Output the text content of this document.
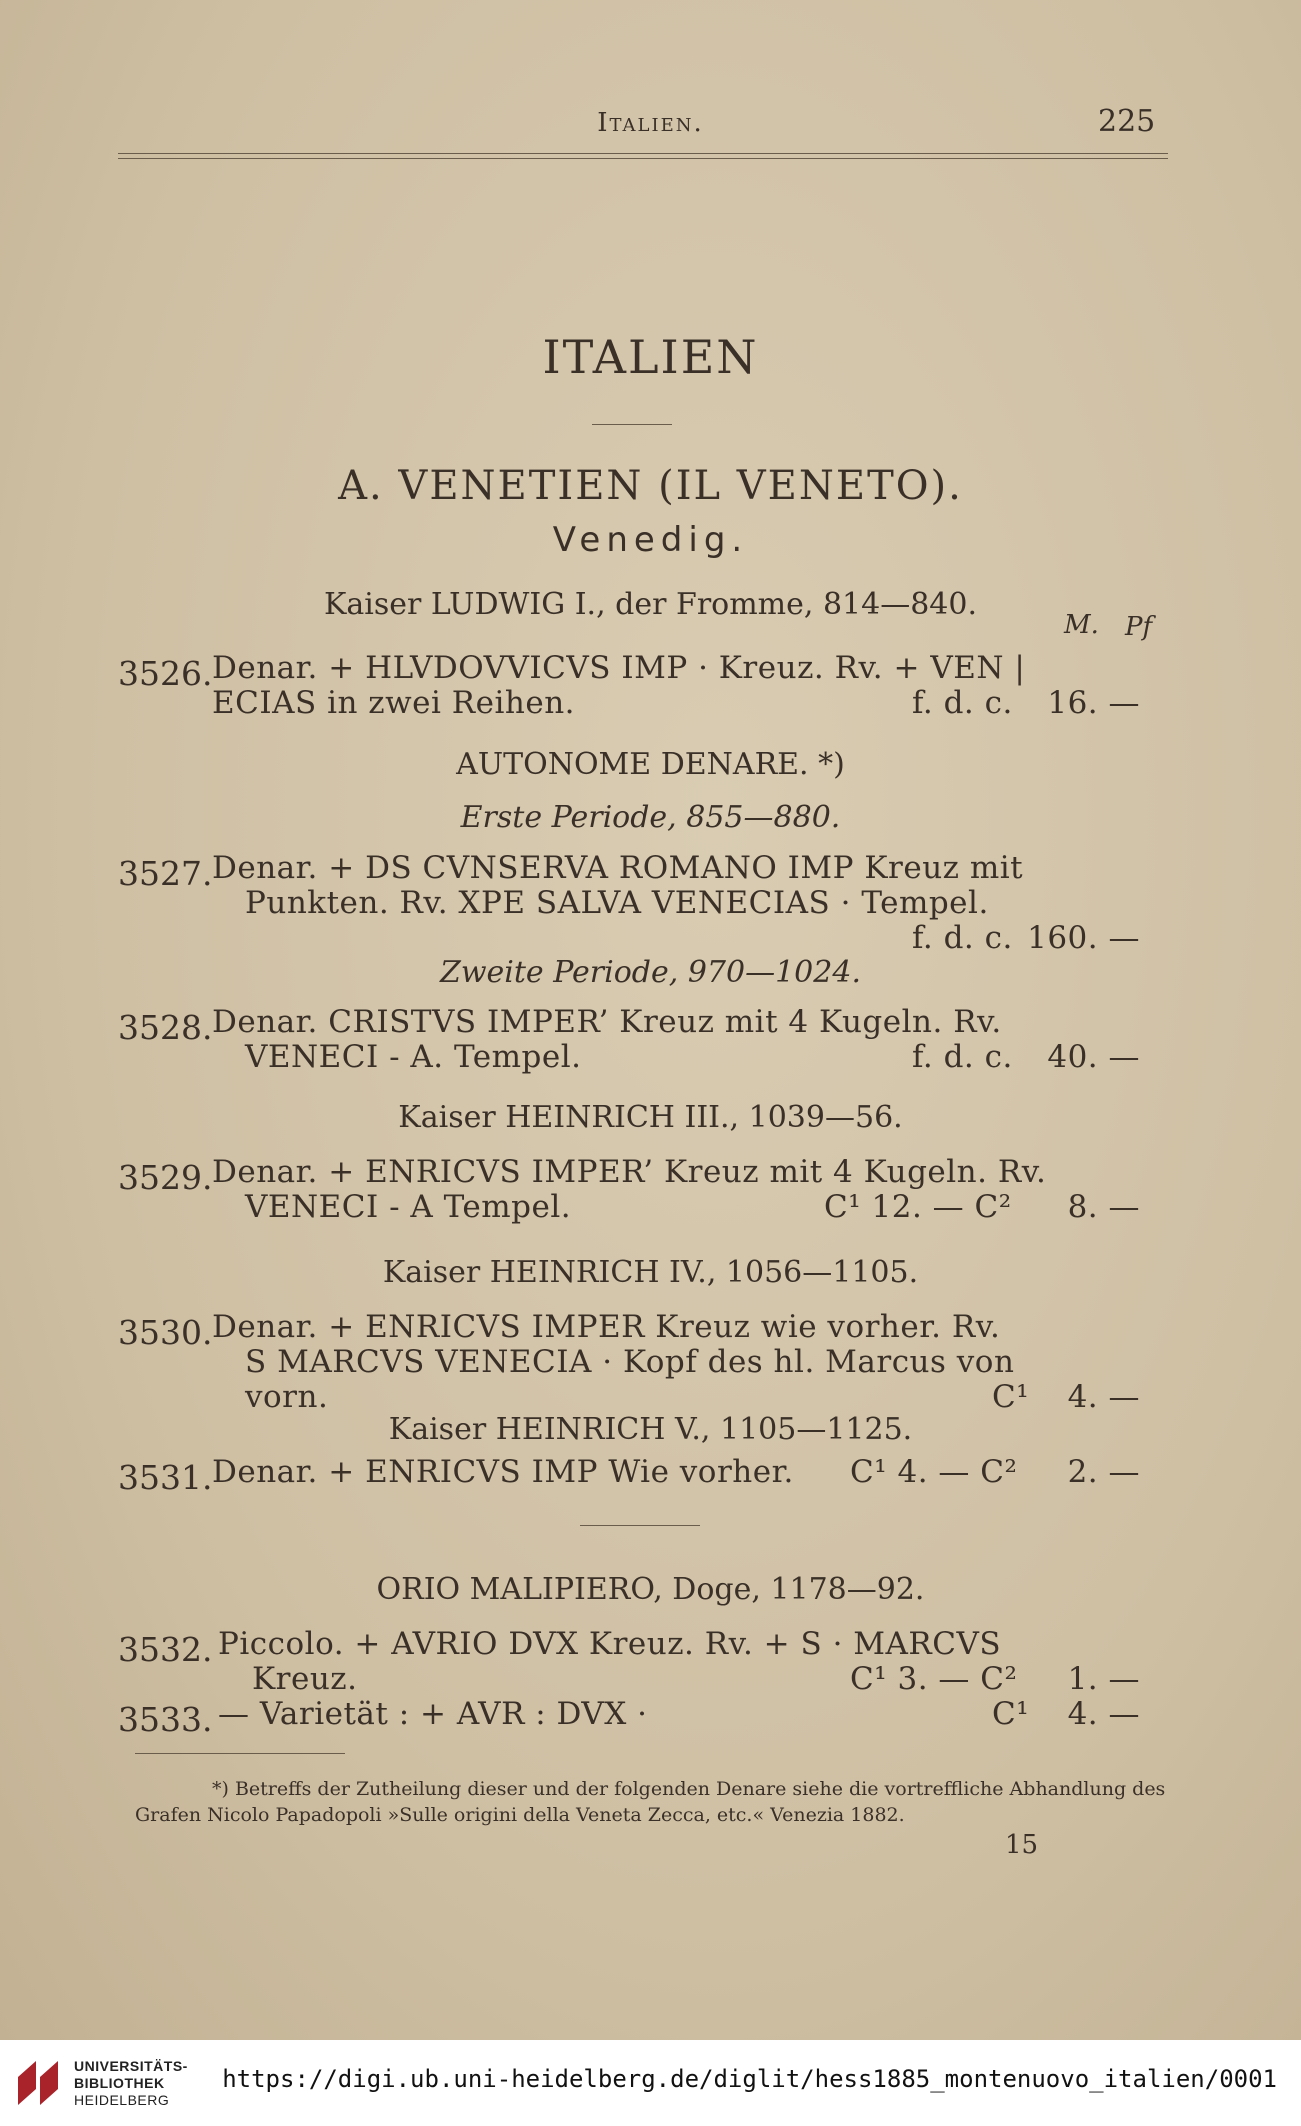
Italien.	225
ITALIEN
A. VENETIEN (IL VENETO).
Venedig.
Kaiser LUDWIG I., der Fromme, 814—840.
M. Pf
3526. Denar. + HLVDOVVICVS IMP · Kreuz. Rv. + VEN |
ECIAS in zwei Reihen.	f. d. c.	16. —
AUTONOME DENARE. *)
Erste Periode, 855—880.
3527. Denar. + DS CVNSERVA ROMANO IMP Kreuz mit
Punkten. Rv. XPE SALVA VENECIAS · Tempel.
f. d. c. 160. —
Zweite Periode, 970—1024.
3528. Denar. CRISTVS IMPER’ Kreuz mit 4 Kugeln. Rv.
VENECI - A. Tempel.	f. d. c.	40. —
Kaiser HEINRICH III., 1039—56.
3529. Denar. + ENRICVS IMPER’ Kreuz mit 4 Kugeln. Rv.
VENECI - A Tempel.	C¹ 12. — C²	8. —
Kaiser HEINRICH IV., 1056—1105.
3530. Denar. + ENRICVS IMPER Kreuz wie vorher. Rv.
S MARCVS VENECIA · Kopf des hl. Marcus von
vorn.	C¹	4. —
Kaiser HEINRICH V., 1105—1125.
3531. Denar. + ENRICVS IMP Wie vorher. C¹ 4. — C²	2. —
ORIO MALIPIERO, Doge, 1178—92.
3532. Piccolo. + AVRIO DVX Kreuz. Rv. + S · MARCVS
Kreuz.	C¹ 3. — C²	1. —
3533. — Varietät : + AVR : DVX ·	C¹	4. —
*) Betreffs der Zutheilung dieser und der folgenden Denare siehe die vortreffliche Abhandlung des
Grafen Nicolo Papadopoli »Sulle origini della Veneta Zecca, etc.« Venezia 1882.
15
UNIVERSITÄTS-
BIBLIOTHEK
HEIDELBERG
https://digi.ub.uni-heidelberg.de/diglit/hess1885_montenuovo_italien/0001
